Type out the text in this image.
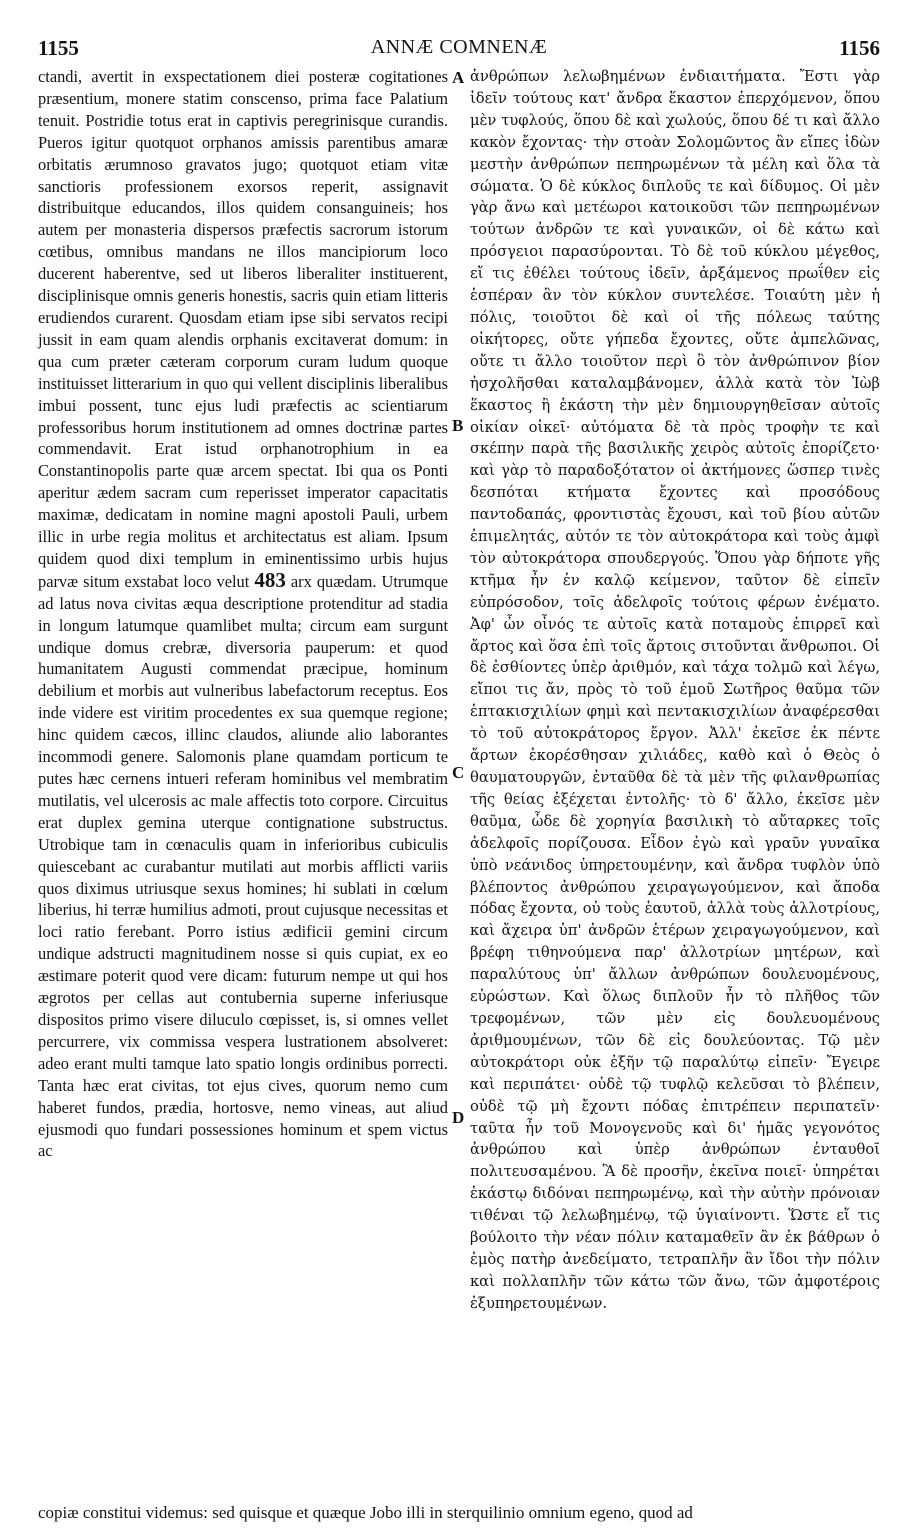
1155	ANNÆ COMNENÆ	1156

ctandi, avertit in exspectationem diei posteræ cogitationes præsentium, monere statim conscenso, prima face Palatium tenuit. Postridie totus erat in captivis peregrinisque curandis. Pueros igitur quotquot orphanos amissis parentibus amaræ orbitatis ærumnoso gravatos jugo; quotquot etiam vitæ sanctioris professionem exorsos reperit, assignavit distribuitque educandos, illos quidem consanguineis; hos autem per monasteria dispersos præfectis sacrorum istorum cœtibus, omnibus mandans ne illos mancipiorum loco ducerent haberentve, sed ut liberos liberaliter instituerent, disciplinisque omnis generis honestis, sacris quin etiam litteris erudiendos curarent. Quosdam etiam ipse sibi servatos recipi jussit in eam quam alendis orphanis excitaverat domum: in qua cum præter cæteram corporum curam ludum quoque instituisset litterarium in quo qui vellent disciplinis liberalibus imbui possent, tunc ejus ludi præfectis ac scientiarum professoribus horum institutionem ad omnes doctrinæ partes commendavit. Erat istud orphanotrophium in ea Constantinopolis parte quæ arcem spectat. Ibi qua os Ponti aperitur ædem sacram cum reperisset imperator capacitatis maximæ, dedicatam in nomine magni apostoli Pauli, urbem illic in urbe regia molitus et architectatus est aliam. Ipsum quidem quod dixi templum in eminentissimo urbis hujus parvæ situm exstabat loco velut 483 arx quædam. Utrumque ad latus nova civitas æqua descriptione protenditur ad stadia in longum latumque quamlibet multa; circum eam surgunt undique domus crebræ, diversoria pauperum: et quod humanitatem Augusti commendat præcipue, hominum debilium et morbis aut vulneribus labefactorum receptus. Eos inde videre est viritim procedentes ex sua quemque regione; hinc quidem cæcos, illinc claudos, aliunde alio laborantes incommodi genere. Salomonis plane quamdam porticum te putes hæc cernens intueri referam hominibus vel membratim mutilatis, vel ulcerosis ac male affectis toto corpore. Circuitus erat duplex gemina uterque contignatione substructus. Utrobique tam in cœnaculis quam in inferioribus cubiculis quiescebant ac curabantur mutilati aut morbis afflicti variis quos diximus utriusque sexus homines; hi sublati in cœlum liberius, hi terræ humilius admoti, prout cujusque necessitas et loci ratio ferebant. Porro istius ædificii gemini circum undique adstructi magnitudinem nosse si quis cupiat, ex eo æstimare poterit quod vere dicam: futurum nempe ut qui hos ægrotos per cellas aut contubernia superne inferiusque dispositos primo visere diluculo cœpisset, is, si omnes vellet percurrere, vix commissa vespera lustrationem absolveret: adeo erant multi tamque lato spatio longis ordinibus porrecti. Tanta hæc erat civitas, tot ejus cives, quorum nemo cum haberet fundos, prædia, hortosve, nemo vineas, aut aliud ejusmodi quo fundari possessiones hominum et spem victus ac

A
B
C
D

ἀνθρώπων λελωβημένων ἐνδιαιτήματα. Ἔστι γὰρ ἰδεῖν τούτους κατ' ἄνδρα ἕκαστον ἐπερχόμενον, ὅπου μὲν τυφλούς, ὅπου δὲ καὶ χωλούς, ὅπου δέ τι καὶ ἄλλο κακὸν ἔχοντας· τὴν στοὰν Σολομῶντος ἂν εἴπες ἰδὼν μεστὴν ἀνθρώπων πεπηρωμένων τὰ μέλη καὶ ὅλα τὰ σώματα. Ὁ δὲ κύκλος διπλοῦς τε καὶ δίδυμος. Οἱ μὲν γὰρ ἄνω καὶ μετέωροι κατοικοῦσι τῶν πεπηρωμένων τούτων ἀνδρῶν τε καὶ γυναικῶν, οἱ δὲ κάτω καὶ πρόσγειοι παρασύρονται. Τὸ δὲ τοῦ κύκλου μέγεθος, εἴ τις ἐθέλει τούτους ἰδεῖν, ἀρξάμενος πρωΐθεν εἰς ἑσπέραν ἂν τὸν κύκλον συντελέσε. Τοιαύτη μὲν ἡ πόλις, τοιοῦτοι δὲ καὶ οἱ τῆς πόλεως ταύτης οἰκήτορες, οὔτε γήπεδα ἔχοντες, οὔτε ἀμπελῶνας, οὔτε τι ἄλλο τοιοῦτον περὶ ὃ τὸν ἀνθρώπινον βίον ἠσχολῆσθαι καταλαμβάνομεν, ἀλλὰ κατὰ τὸν Ἰὼβ ἕκαστος ἢ ἑκάστη τὴν μὲν δημιουργηθεῖσαν αὐτοῖς οἰκίαν οἰκεῖ· αὐτόματα δὲ τὰ πρὸς τροφὴν τε καὶ σκέπην παρὰ τῆς βασιλικῆς χειρὸς αὐτοῖς ἐπορίζετο· καὶ γὰρ τὸ παραδοξότατον οἱ ἀκτήμονες ὥσπερ τινὲς δεσπόται κτήματα ἔχοντες καὶ προσόδους παντοδαπάς, φροντιστὰς ἔχουσι, καὶ τοῦ βίου αὐτῶν ἐπιμελητάς, αὐτόν τε τὸν αὐτοκράτορα καὶ τοὺς ἀμφὶ τὸν αὐτοκράτορα σπουδεργούς. Ὅπου γὰρ δήποτε γῆς κτῆμα ἦν ἐν καλῷ κείμενον, ταῦτον δὲ εἰπεῖν εὐπρόσοδον, τοῖς ἀδελφοῖς τούτοις φέρων ἐνέματο. Ἀφ' ὧν οἶνός τε αὐτοῖς κατὰ ποταμοὺς ἐπιρρεῖ καὶ ἄρτος καὶ ὅσα ἐπὶ τοῖς ἄρτοις σιτοῦνται ἄνθρωποι. Οἱ δὲ ἐσθίοντες ὑπὲρ ἀριθμόν, καὶ τάχα τολμῶ καὶ λέγω, εἴποι τις ἄν, πρὸς τὸ τοῦ ἐμοῦ Σωτῆρος θαῦμα τῶν ἑπτακισχιλίων φημὶ καὶ πεντακισχιλίων ἀναφέρεσθαι τὸ τοῦ αὐτοκράτορος ἔργον. Ἀλλ' ἐκεῖσε ἐκ πέντε ἄρτων ἐκορέσθησαν χιλιάδες, καθὸ καὶ ὁ Θεὸς ὁ θαυματουργῶν, ἐνταῦθα δὲ τὰ μὲν τῆς φιλανθρωπίας τῆς θείας ἐξέχεται ἐντολῆς· τὸ δ' ἄλλο, ἐκεῖσε μὲν θαῦμα, ὧδε δὲ χορηγία βασιλικὴ τὸ αὔταρκες τοῖς ἀδελφοῖς πορίζουσα. Εἶδον ἐγὼ καὶ γραῦν γυναῖκα ὑπὸ νεάνιδος ὑπηρετουμένην, καὶ ἄνδρα τυφλὸν ὑπὸ βλέποντος ἀνθρώπου χειραγωγούμενον, καὶ ἄποδα πόδας ἔχοντα, οὐ τοὺς ἑαυτοῦ, ἀλλὰ τοὺς ἀλλοτρίους, καὶ ἄχειρα ὑπ' ἀνδρῶν ἑτέρων χειραγωγούμενον, καὶ βρέφη τιθηνούμενα παρ' ἀλλοτρίων μητέρων, καὶ παραλύτους ὑπ' ἄλλων ἀνθρώπων δουλευομένους, εὐρώστων. Καὶ ὅλως διπλοῦν ἦν τὸ πλῆθος τῶν τρεφομένων, τῶν μὲν εἰς δουλευομένους ἀριθμουμένων, τῶν δὲ εἰς δουλεύοντας. Τῷ μὲν αὐτοκράτορι οὐκ ἐξῆν τῷ παραλύτῳ εἰπεῖν· Ἔγειρε καὶ περιπάτει· οὐδὲ τῷ τυφλῷ κελεῦσαι τὸ βλέπειν, οὐδὲ τῷ μὴ ἔχοντι πόδας ἐπιτρέπειν περιπατεῖν· ταῦτα ἦν τοῦ Μονογενοῦς καὶ δι' ἡμᾶς γεγονότος ἀνθρώπου καὶ ὑπὲρ ἀνθρώπων ἐνταυθοῖ πολιτευσαμένου. Ἃ δὲ προσῆν, ἐκεῖνα ποιεῖ· ὑπηρέται ἑκάστῳ διδόναι πεπηρωμένῳ, καὶ τὴν αὐτὴν πρόνοιαν τιθέναι τῷ λελωβημένῳ, τῷ ὑγιαίνοντι. Ὥστε εἴ τις βούλοιτο τὴν νέαν πόλιν καταμαθεῖν ἂν ἐκ βάθρων ὁ ἐμὸς πατὴρ ἀνεδείματο, τετραπλῆν ἂν ἴδοι τὴν πόλιν καὶ πολλαπλῆν τῶν κάτω τῶν ἄνω, τῶν ἀμφοτέροις ἐξυπηρετουμένων.

copiæ constitui videmus: sed quisque et quæque Jobo illi in sterquilinio omnium egeno, quod ad
